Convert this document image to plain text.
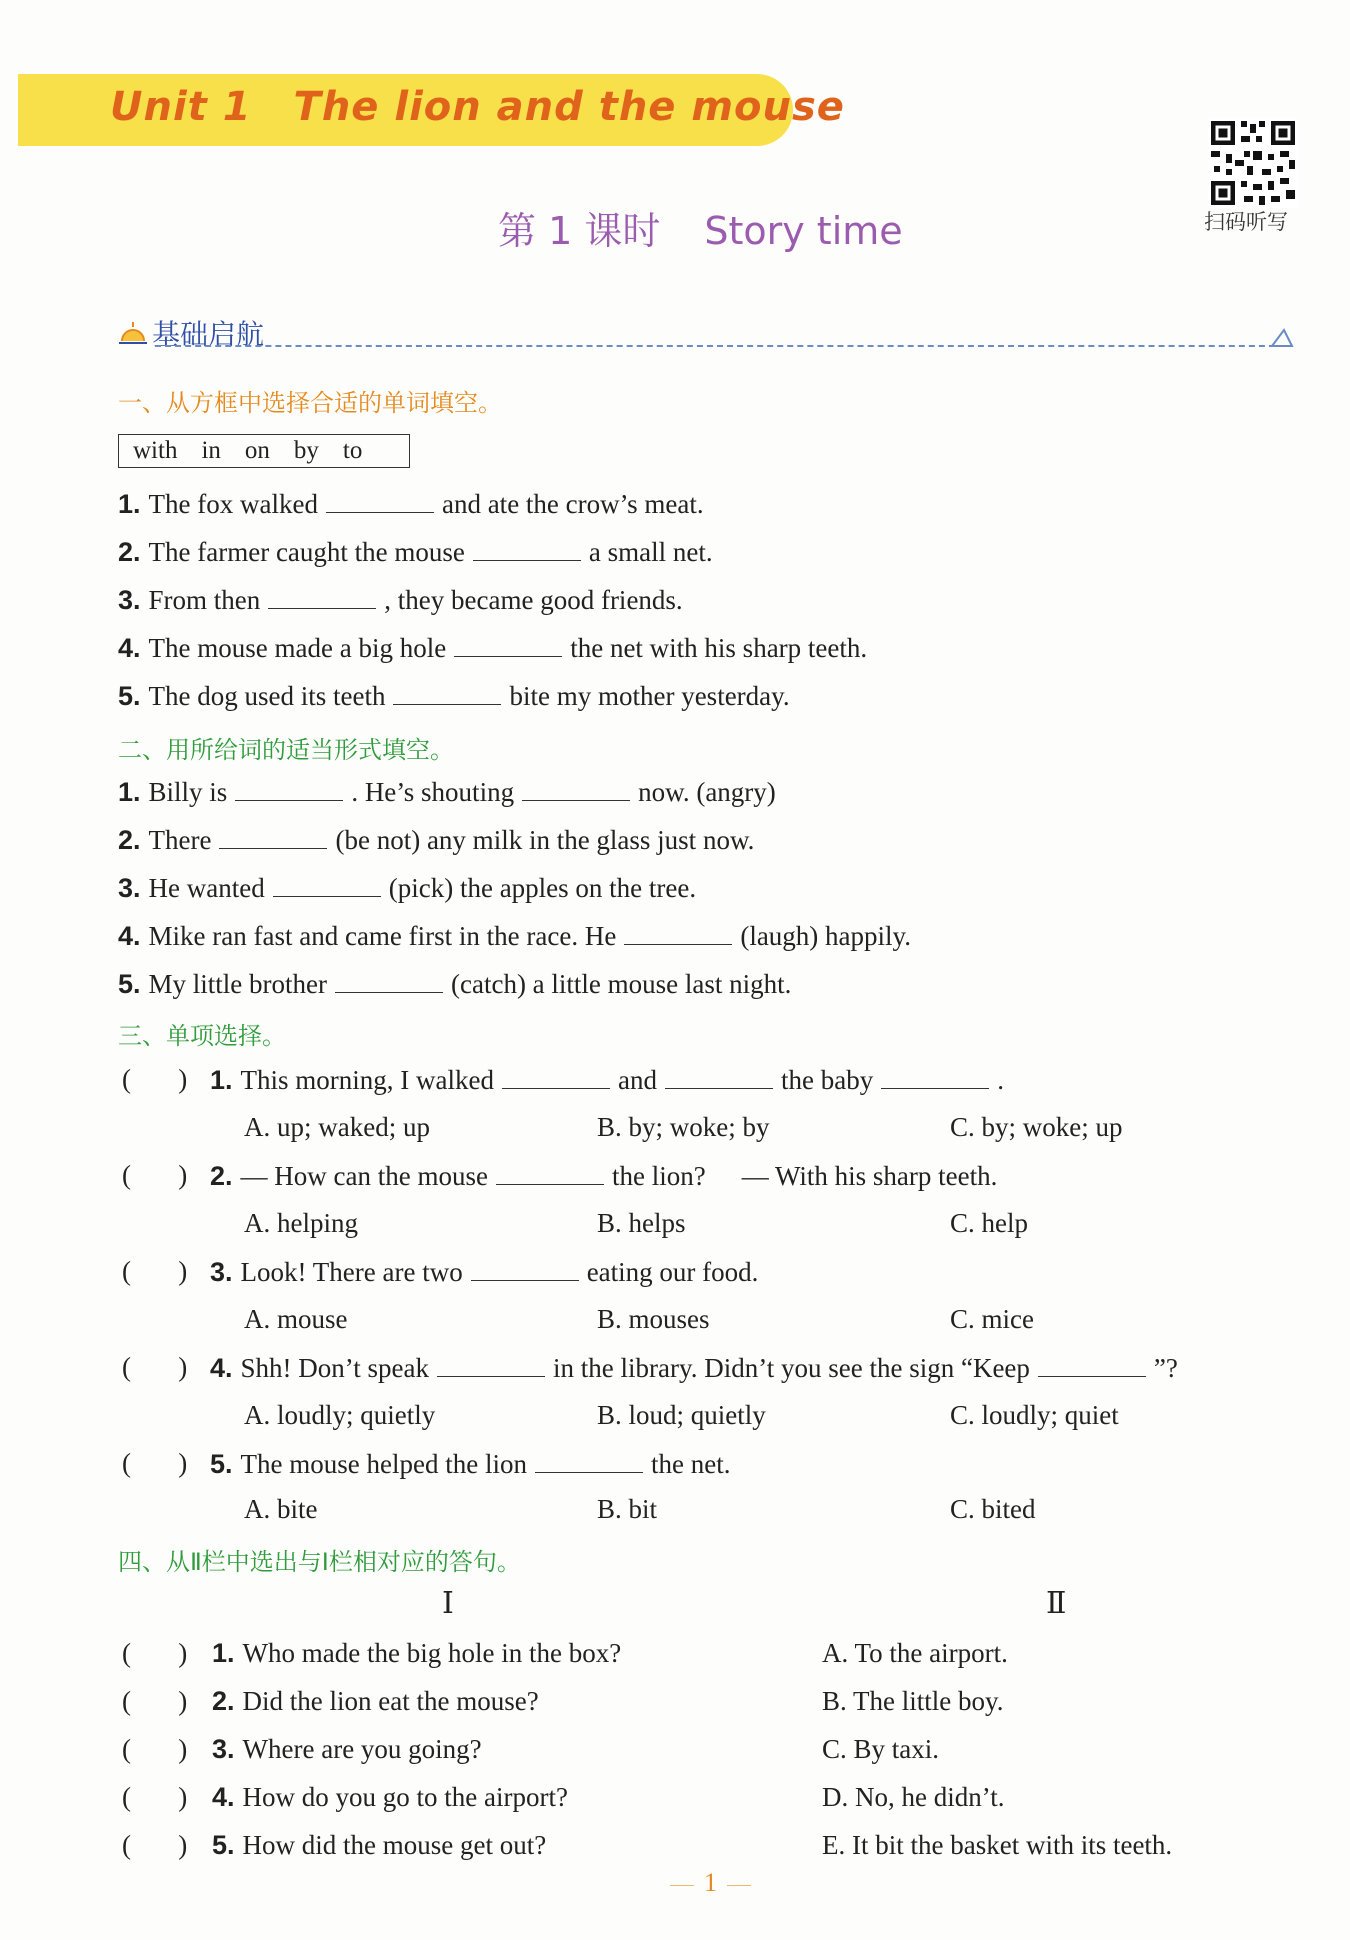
Unit 1 The lion and the mouse
扫码听写
第 1 课时 Story time
基础启航
一、从方框中选择合适的单词填空。
with in on by to
1. The fox walked	and ate the crow’s meat.
2. The farmer caught the mouse	a small net.
3. From then	, they became good friends.
4. The mouse made a big hole	the net with his sharp teeth.
5. The dog used its teeth	bite my mother yesterday.
二、用所给词的适当形式填空。
1. Billy is	. He’s shouting	now. (angry)
2. There	(be not) any milk in the glass just now.
3. He wanted	(pick) the apples on the tree.
4. Mike ran fast and came first in the race. He	(laugh) happily.
5. My little brother	(catch) a little mouse last night.
三、单项选择。
(       ) 1. This morning, I walked	and	the baby	.
A. up; waked; up	B. by; woke; by	C. by; woke; up
(       ) 2. — How can the mouse	the lion? — With his sharp teeth.
A. helping	B. helps	C. help
(       ) 3. Look! There are two	eating our food.
A. mouse	B. mouses	C. mice
(       ) 4. Shh! Don’t speak	in the library. Didn’t you see the sign “Keep	”?
A. loudly; quietly	B. loud; quietly	C. loudly; quiet
(       ) 5. The mouse helped the lion	the net.
A. bite	B. bit	C. bited
四、从Ⅱ栏中选出与Ⅰ栏相对应的答句。
Ⅰ	Ⅱ
(       ) 1. Who made the big hole in the box?	A. To the airport.
(       ) 2. Did the lion eat the mouse?	B. The little boy.
(       ) 3. Where are you going?	C. By taxi.
(       ) 4. How do you go to the airport?	D. No, he didn’t.
(       ) 5. How did the mouse get out?	E. It bit the basket with its teeth.
1
